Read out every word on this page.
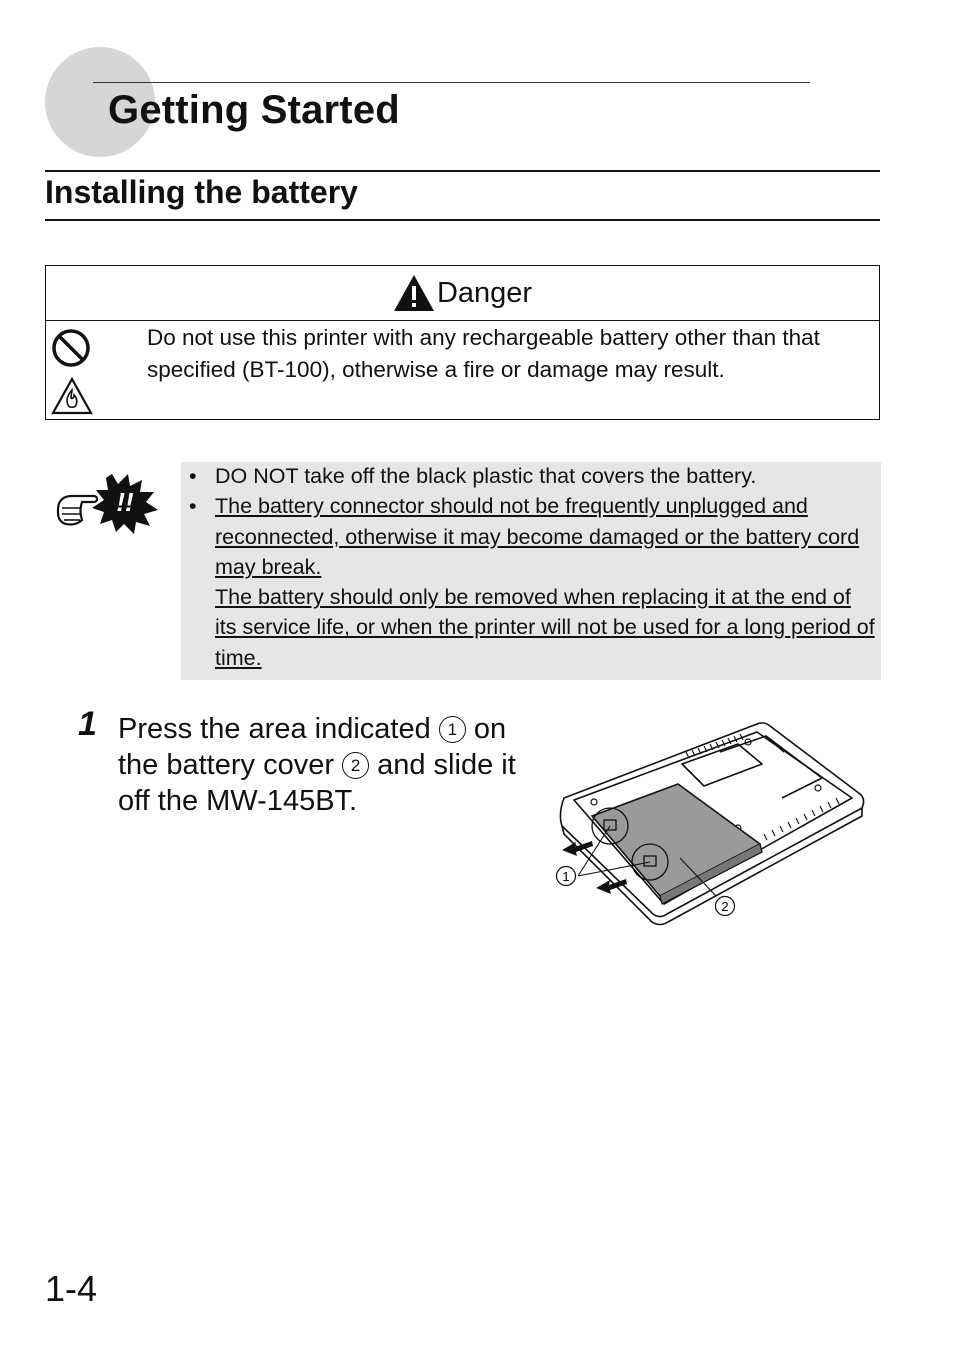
Getting Started
Installing the battery
Danger
Do not use this printer with any rechargeable battery other than that specified (BT-100), otherwise a fire or damage may result.
!!
• DO NOT take off the black plastic that covers the battery.
• The battery connector should not be frequently unplugged and reconnected, otherwise it may become damaged or the battery cord may break.
The battery should only be removed when replacing it at the end of its service life, or when the printer will not be used for a long period of time.
1 Press the area indicated 1 on the battery cover 2 and slide it off the MW-145BT.
1
2
1-4
